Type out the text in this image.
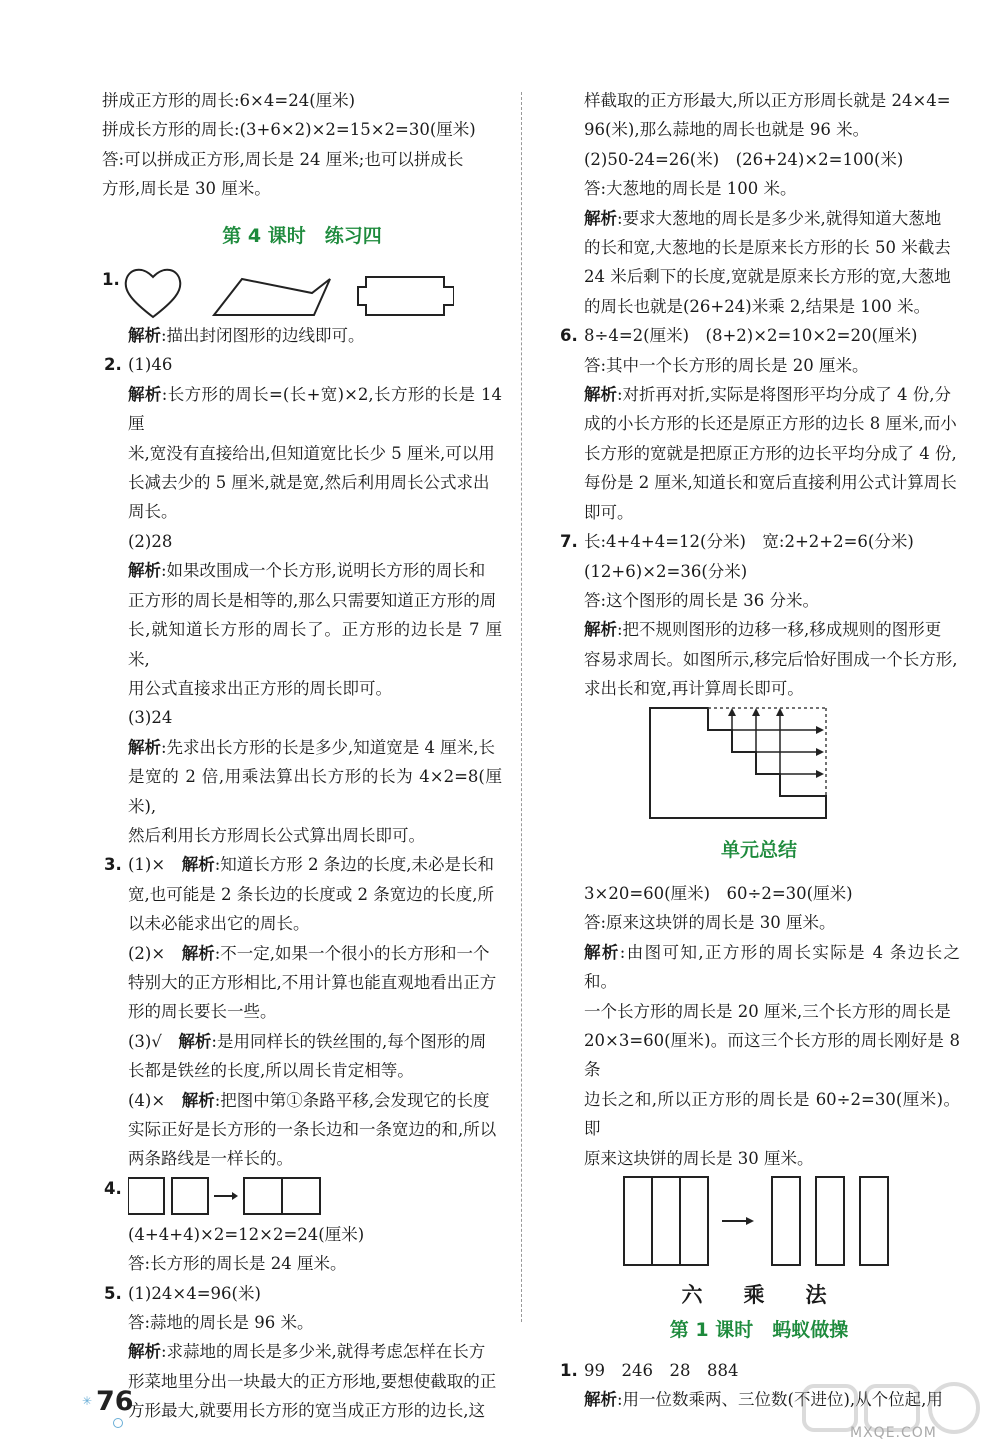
拼成正方形的周长:6×4=24(厘米)

拼成长方形的周长:(3+6×2)×2=15×2=30(厘米)

答:可以拼成正方形,周长是 24 厘米;也可以拼成长

方形,周长是 30 厘米。

第 4 课时　练习四
1.

解析:描出封闭图形的边线即可。

2. (1)46

解析:长方形的周长=(长+宽)×2,长方形的长是 14 厘

米,宽没有直接给出,但知道宽比长少 5 厘米,可以用

长减去少的 5 厘米,就是宽,然后利用周长公式求出

周长。

(2)28

解析:如果改围成一个长方形,说明长方形的周长和

正方形的周长是相等的,那么只需要知道正方形的周

长,就知道长方形的周长了。正方形的边长是 7 厘米,

用公式直接求出正方形的周长即可。

(3)24

解析:先求出长方形的长是多少,知道宽是 4 厘米,长

是宽的 2 倍,用乘法算出长方形的长为 4×2=8(厘米),

然后利用长方形周长公式算出周长即可。

3. (1)×　解析:知道长方形 2 条边的长度,未必是长和

宽,也可能是 2 条长边的长度或 2 条宽边的长度,所

以未必能求出它的周长。

(2)×　解析:不一定,如果一个很小的长方形和一个

特别大的正方形相比,不用计算也能直观地看出正方

形的周长要长一些。

(3)√　解析:是用同样长的铁丝围的,每个图形的周

长都是铁丝的长度,所以周长肯定相等。

(4)×　解析:把图中第①条路平移,会发现它的长度

实际正好是长方形的一条长边和一条宽边的和,所以

两条路线是一样长的。

4.

(4+4+4)×2=12×2=24(厘米)

答:长方形的周长是 24 厘米。

5. (1)24×4=96(米)

答:蒜地的周长是 96 米。

解析:求蒜地的周长是多少米,就得考虑怎样在长方

形菜地里分出一块最大的正方形地,要想使截取的正

方形最大,就要用长方形的宽当成正方形的边长,这

样截取的正方形最大,所以正方形周长就是 24×4=

96(米),那么蒜地的周长也就是 96 米。

(2)50-24=26(米)　(26+24)×2=100(米)

答:大葱地的周长是 100 米。

解析:要求大葱地的周长是多少米,就得知道大葱地

的长和宽,大葱地的长是原来长方形的长 50 米截去

24 米后剩下的长度,宽就是原来长方形的宽,大葱地

的周长也就是(26+24)米乘 2,结果是 100 米。

6. 8÷4=2(厘米)　(8+2)×2=10×2=20(厘米)

答:其中一个长方形的周长是 20 厘米。

解析:对折再对折,实际是将图形平均分成了 4 份,分

成的小长方形的长还是原正方形的边长 8 厘米,而小

长方形的宽就是把原正方形的边长平均分成了 4 份,

每份是 2 厘米,知道长和宽后直接利用公式计算周长

即可。

7. 长:4+4+4=12(分米)　宽:2+2+2=6(分米)

(12+6)×2=36(分米)

答:这个图形的周长是 36 分米。

解析:把不规则图形的边移一移,移成规则的图形更

容易求周长。如图所示,移完后恰好围成一个长方形,

求出长和宽,再计算周长即可。

单元总结

3×20=60(厘米)　60÷2=30(厘米)

答:原来这块饼的周长是 30 厘米。

解析:由图可知,正方形的周长实际是 4 条边长之和。

一个长方形的周长是 20 厘米,三个长方形的周长是

20×3=60(厘米)。而这三个长方形的周长刚好是 8 条

边长之和,所以正方形的周长是 60÷2=30(厘米)。即

原来这块饼的周长是 30 厘米。

六　乘　法
第 1 课时　蚂蚁做操

1. 99　246　28　884

解析:用一位数乘两、三位数(不进位),从个位起,用

✳ 76
MXQE.COM
